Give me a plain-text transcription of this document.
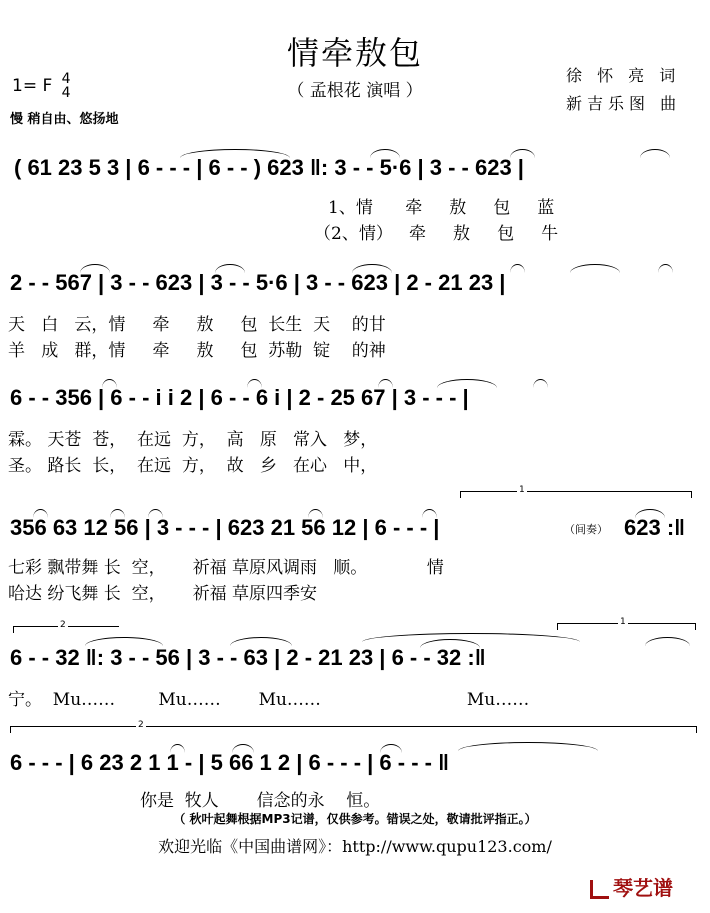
情牵敖包
（ 孟根花 演唱 ）
1= F 4
4
慢 稍自由、悠扬地
徐 怀 亮 词
新吉乐图 曲
( 61 23 5 3 | 6 - - - | 6 - - ) 623 ‖: 3 - - 5·6 | 3 - - 623 |
1、情      牵     敖     包     蓝
（2、情）   牵     敖     包     牛
2 - - 567 | 3 - - 623 | 3 - - 5·6 | 3 - - 623 | 2 - 21 23 |
天   白   云，情     牵     敖     包  长生  天    的甘
羊   成   群，情     牵     敖     包  苏勒  锭    的神
6 - - 356 | 6 - - i i 2 | 6 - - 6 i | 2 - 25 67 | 3 - - - |
霖。 天苍  苍，  在远  方，  高   原   常入   梦，
圣。 路长  长，  在远  方，  故   乡   在心   中，
1
356 63 12 56 | 3 - - - | 623 21 56 12 | 6 - - - |	（间奏） 623 :‖
七彩 飘带舞 长  空，     祈福 草原风调雨   顺。           情
哈达 纷飞舞 长  空，     祈福 草原四季安
2	1
6 - - 32 ‖: 3 - - 56 | 3 - - 63 | 2 - 21 23 | 6 - - 32 :‖
宁。  Mu……        Mu……       Mu……                           Mu……
2
6 - - - | 6 23 2 1 1 - | 5 66 1 2 | 6 - - - | 6 - - - ‖
你是  牧人       信念的永    恒。
（ 秋叶起舞根据MP3记谱，仅供参考。错误之处，敬请批评指正。）
欢迎光临《中国曲谱网》：http://www.qupu123.com/
琴艺谱
